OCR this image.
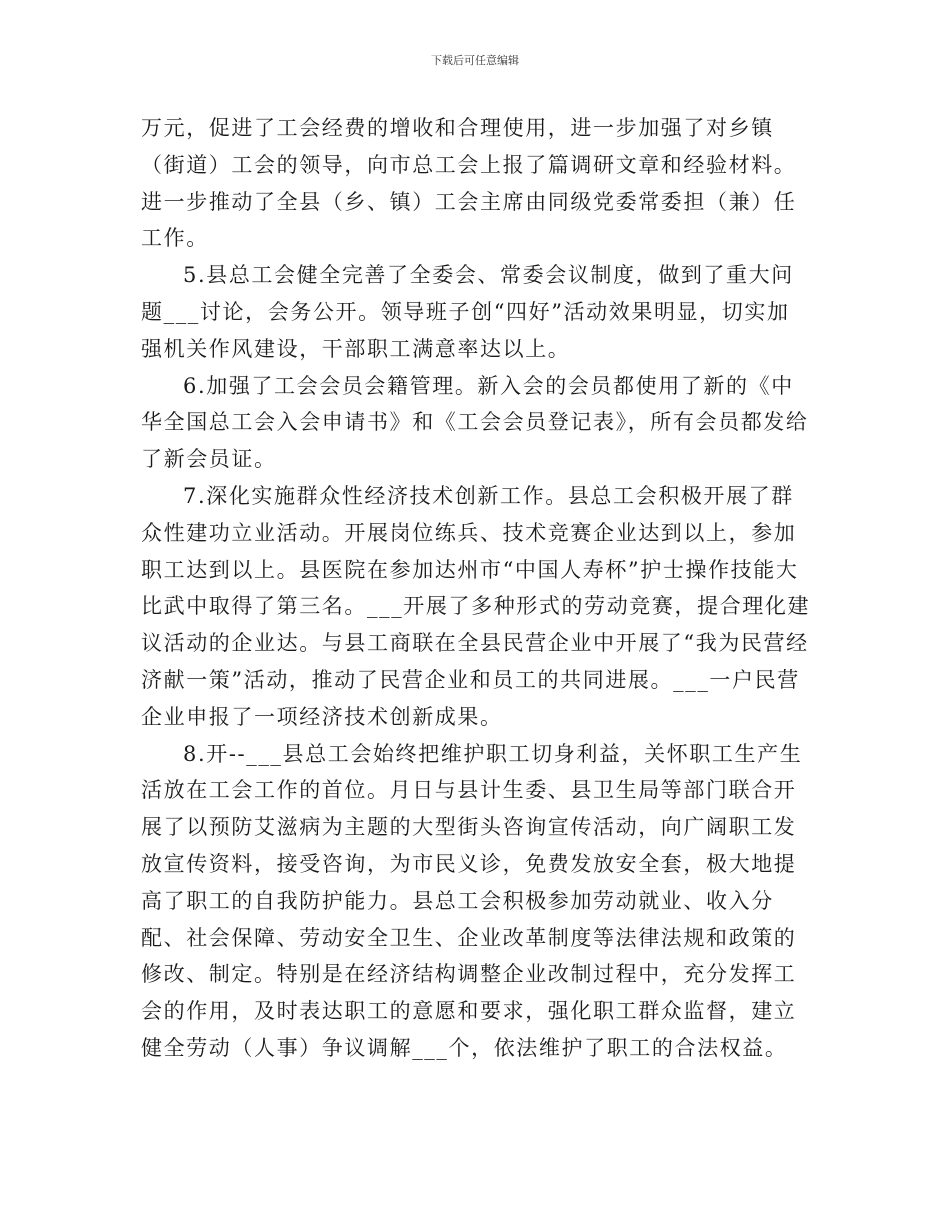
下载后可任意编辑

万元，促进了工会经费的增收和合理使用，进一步加强了对乡镇（街道）工会的领导，向市总工会上报了篇调研文章和经验材料。进一步推动了全县（乡、镇）工会主席由同级党委常委担（兼）任工作。

5.县总工会健全完善了全委会、常委会议制度，做到了重大问题___讨论，会务公开。领导班子创“四好”活动效果明显，切实加强机关作风建设，干部职工满意率达以上。

6.加强了工会会员会籍管理。新入会的会员都使用了新的《中华全国总工会入会申请书》和《工会会员登记表》，所有会员都发给了新会员证。

7.深化实施群众性经济技术创新工作。县总工会积极开展了群众性建功立业活动。开展岗位练兵、技术竞赛企业达到以上，参加职工达到以上。县医院在参加达州市“中国人寿杯”护士操作技能大比武中取得了第三名。___开展了多种形式的劳动竞赛，提合理化建议活动的企业达。与县工商联在全县民营企业中开展了“我为民营经济献一策”活动，推动了民营企业和员工的共同进展。___一户民营企业申报了一项经济技术创新成果。

8.开--___县总工会始终把维护职工切身利益，关怀职工生产生活放在工会工作的首位。月日与县计生委、县卫生局等部门联合开展了以预防艾滋病为主题的大型街头咨询宣传活动，向广阔职工发放宣传资料，接受咨询，为市民义诊，免费发放安全套，极大地提高了职工的自我防护能力。县总工会积极参加劳动就业、收入分配、社会保障、劳动安全卫生、企业改革制度等法律法规和政策的修改、制定。特别是在经济结构调整企业改制过程中，充分发挥工会的作用，及时表达职工的意愿和要求，强化职工群众监督，建立健全劳动（人事）争议调解___个，依法维护了职工的合法权益。
